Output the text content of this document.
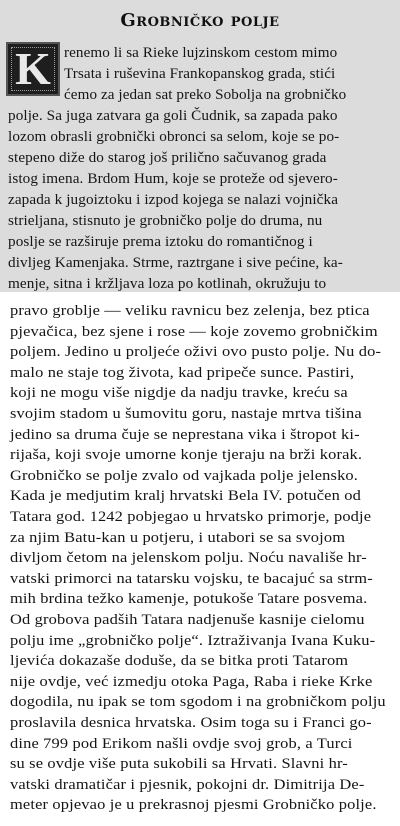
Grobničko polje
K renemo li sa Rieke lujzinskom cestom mimo
Trsata i ruševina Frankopanskog grada, stići
ćemo za jedan sat preko Sobolja na grobničko
polje. Sa juga zatvara ga goli Čudnik, sa zapada pako
lozom obrasli grobnički obronci sa selom, koje se po-
stepeno diže do starog još prilično sačuvanog grada
istog imena. Brdom Hum, koje se proteže od sjevero-
zapada k jugoiztoku i izpod kojega se nalazi vojnička
strieljana, stisnuto je grobničko polje do druma, nu
poslje se razširuje prema iztoku do romantičnog i
divljeg Kamenjaka. Strme, raztrgane i sive pećine, ka-
menje, sitna i kržljava loza po kotlinah, okružuju to
pravo groblje — veliku ravnicu bez zelenja, bez ptica
pjevačica, bez sjene i rose — koje zovemo grobničkim
poljem. Jedino u proljeće oživi ovo pusto polje. Nu do-
malo ne staje tog života, kad pripeče sunce. Pastiri,
koji ne mogu više nigdje da nadju travke, kreću sa
svojim stadom u šumovitu goru, nastaje mrtva tišina
jedino sa druma čuje se neprestana vika i štropot ki-
rijaša, koji svoje umorne konje tjeraju na brži korak.
Grobničko se polje zvalo od vajkada polje jelensko.
Kada je medjutim kralj hrvatski Bela IV. potučen od
Tatara god. 1242 pobjegao u hrvatsko primorje, podje
za njim Batu-kan u potjeru, i utabori se sa svojom
divljom četom na jelenskom polju. Noću navališe hr-
vatski primorci na tatarsku vojsku, te bacajuć sa strm-
mih brdina težko kamenje, potukoše Tatare posvema.
Od grobova padših Tatara nadjenuše kasnije cielomu
polju ime „grobničko polje“. Iztraživanja Ivana Kuku-
ljevića dokazaše doduše, da se bitka proti Tatarom
nije ovdje, već izmedju otoka Paga, Raba i rieke Krke
dogodila, nu ipak se tom sgodom i na grobničkom polju
proslavila desnica hrvatska. Osim toga su i Franci go-
dine 799 pod Erikom našli ovdje svoj grob, a Turci
su se ovdje više puta sukobili sa Hrvati. Slavni hr-
vatski dramatičar i pjesnik, pokojni dr. Dimitrija De-
meter opjevao je u prekrasnoj pjesmi Grobničko polje.
